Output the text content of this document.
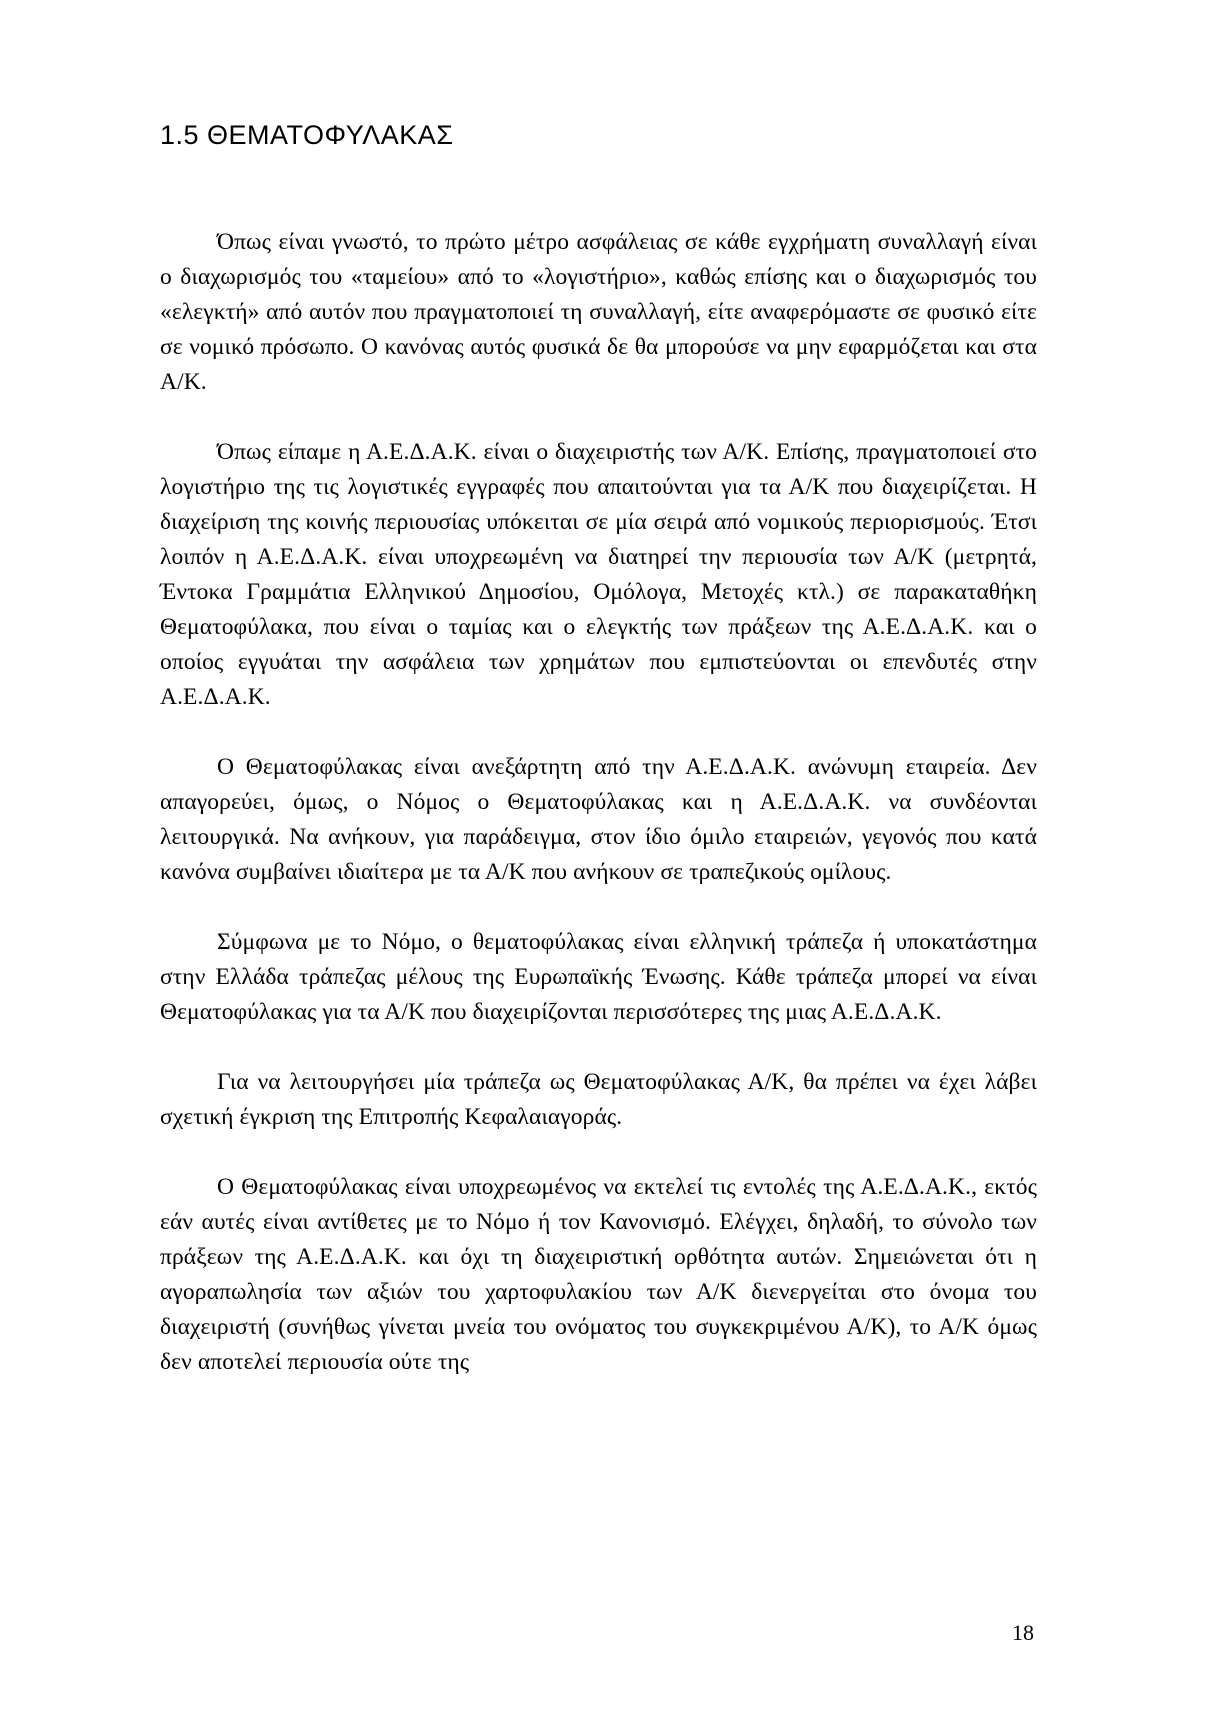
1.5 ΘΕΜΑΤΟΦΥΛΑΚΑΣ

Όπως είναι γνωστό, το πρώτο μέτρο ασφάλειας σε κάθε εγχρήματη συναλλαγή είναι ο διαχωρισμός του «ταμείου» από το «λογιστήριο», καθώς επίσης και ο διαχωρισμός του «ελεγκτή» από αυτόν που πραγματοποιεί τη συναλλαγή, είτε αναφερόμαστε σε φυσικό είτε σε νομικό πρόσωπο. Ο κανόνας αυτός φυσικά δε θα μπορούσε να μην εφαρμόζεται και στα Α/Κ.

Όπως είπαμε η Α.Ε.Δ.Α.Κ. είναι ο διαχειριστής των Α/Κ. Επίσης, πραγματοποιεί στο λογιστήριο της τις λογιστικές εγγραφές που απαιτούνται για τα Α/Κ που διαχειρίζεται. Η διαχείριση της κοινής περιουσίας υπόκειται σε μία σειρά από νομικούς περιορισμούς. Έτσι λοιπόν η Α.Ε.Δ.Α.Κ. είναι υποχρεωμένη να διατηρεί την περιουσία των Α/Κ (μετρητά, Έντοκα Γραμμάτια Ελληνικού Δημοσίου, Ομόλογα, Μετοχές κτλ.) σε παρακαταθήκη Θεματοφύλακα, που είναι ο ταμίας και ο ελεγκτής των πράξεων της Α.Ε.Δ.Α.Κ. και ο οποίος εγγυάται την ασφάλεια των χρημάτων που εμπιστεύονται οι επενδυτές στην Α.Ε.Δ.Α.Κ.

Ο Θεματοφύλακας είναι ανεξάρτητη από την Α.Ε.Δ.Α.Κ. ανώνυμη εταιρεία. Δεν απαγορεύει, όμως, ο Νόμος ο Θεματοφύλακας και η Α.Ε.Δ.Α.Κ. να συνδέονται λειτουργικά. Να ανήκουν, για παράδειγμα, στον ίδιο όμιλο εταιρειών, γεγονός που κατά κανόνα συμβαίνει ιδιαίτερα με τα Α/Κ που ανήκουν σε τραπεζικούς ομίλους.

Σύμφωνα με το Νόμο, ο θεματοφύλακας είναι ελληνική τράπεζα ή υποκατάστημα στην Ελλάδα τράπεζας μέλους της Ευρωπαϊκής Ένωσης. Κάθε τράπεζα μπορεί να είναι Θεματοφύλακας για τα Α/Κ που διαχειρίζονται περισσότερες της μιας Α.Ε.Δ.Α.Κ.

Για να λειτουργήσει μία τράπεζα ως Θεματοφύλακας Α/Κ, θα πρέπει να έχει λάβει σχετική έγκριση της Επιτροπής Κεφαλαιαγοράς.

Ο Θεματοφύλακας είναι υποχρεωμένος να εκτελεί τις εντολές της Α.Ε.Δ.Α.Κ., εκτός εάν αυτές είναι αντίθετες με το Νόμο ή τον Κανονισμό. Ελέγχει, δηλαδή, το σύνολο των πράξεων της Α.Ε.Δ.Α.Κ. και όχι τη διαχειριστική ορθότητα αυτών. Σημειώνεται ότι η αγοραπωλησία των αξιών του χαρτοφυλακίου των Α/Κ διενεργείται στο όνομα του διαχειριστή (συνήθως γίνεται μνεία του ονόματος του συγκεκριμένου Α/Κ), το Α/Κ όμως δεν αποτελεί περιουσία ούτε της

18
